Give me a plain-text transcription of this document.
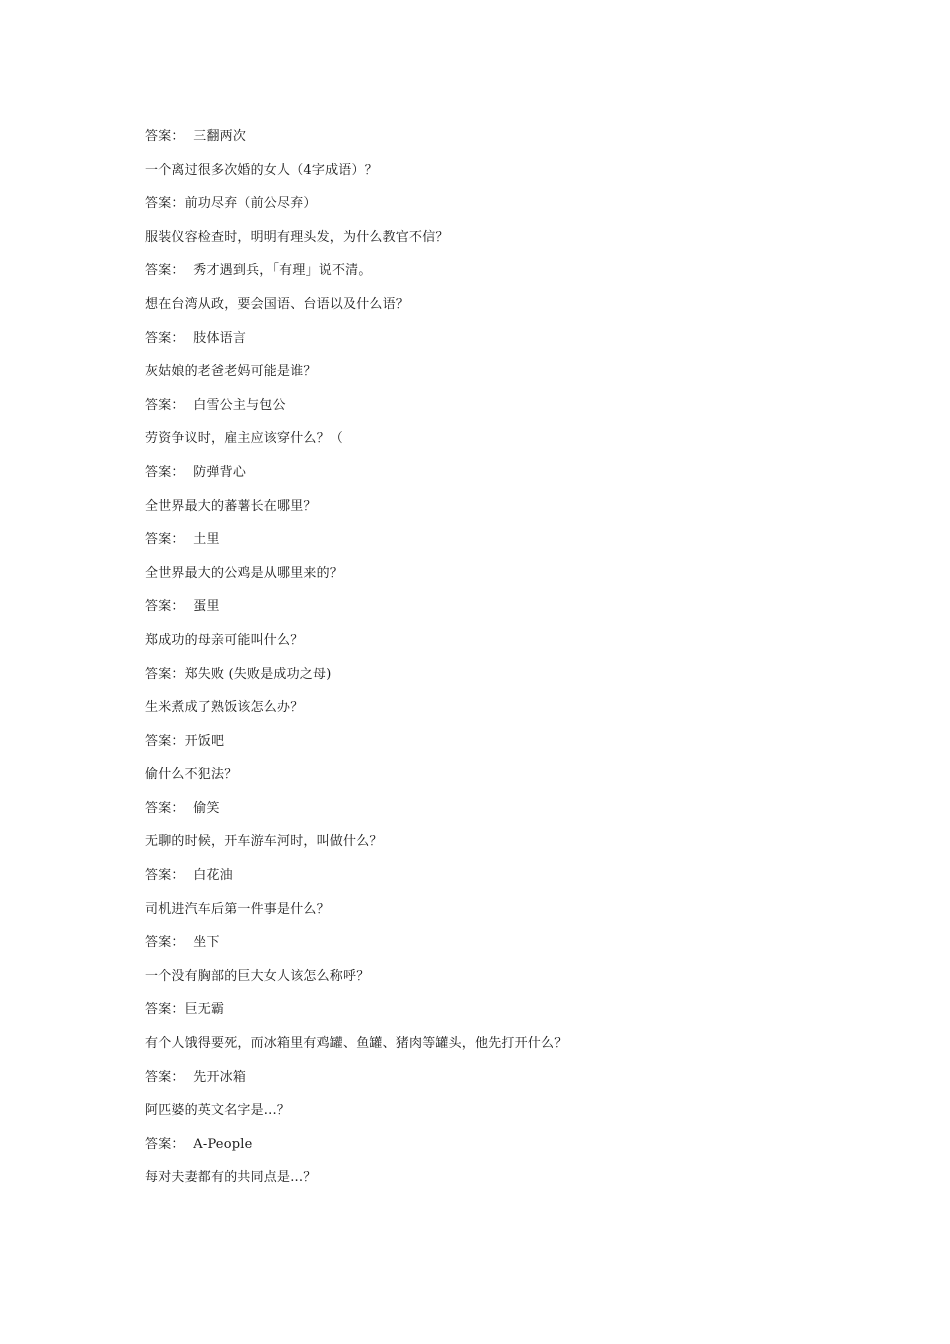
答案：  三翻两次
一个离过很多次婚的女人（4字成语）？
答案：前功尽弃（前公尽弃）
服装仪容检查时，明明有理头发，为什么教官不信？
答案：  秀才遇到兵，「有理」说不清。
想在台湾从政，要会国语、台语以及什么语？
答案：  肢体语言
灰姑娘的老爸老妈可能是谁？
答案：  白雪公主与包公
劳资争议时，雇主应该穿什么？（
答案：  防弹背心
全世界最大的蕃薯长在哪里？
答案：  土里
全世界最大的公鸡是从哪里来的？
答案：  蛋里
郑成功的母亲可能叫什么？
答案：郑失败 (失败是成功之母)
生米煮成了熟饭该怎么办？
答案：开饭吧
偷什么不犯法？
答案：  偷笑
无聊的时候，开车游车河时，叫做什么？
答案：  白花油
司机进汽车后第一件事是什么？
答案：  坐下
一个没有胸部的巨大女人该怎么称呼？
答案：巨无霸
有个人饿得要死，而冰箱里有鸡罐、鱼罐、猪肉等罐头，他先打开什么？
答案：  先开冰箱
阿匹婆的英文名字是...？
答案：  A-People
每对夫妻都有的共同点是...？
